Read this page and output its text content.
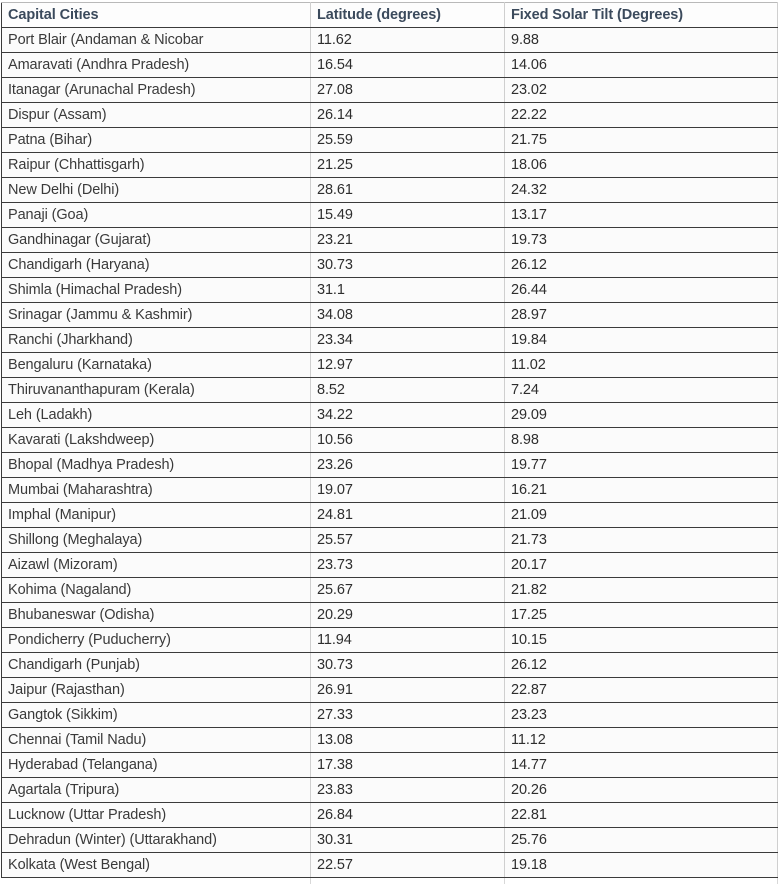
Capital Cities	Latitude (degrees)	Fixed Solar Tilt (Degrees)
Port Blair (Andaman & Nicobar	11.62	9.88
Amaravati (Andhra Pradesh)	16.54	14.06
Itanagar (Arunachal Pradesh)	27.08	23.02
Dispur (Assam)	26.14	22.22
Patna (Bihar)	25.59	21.75
Raipur (Chhattisgarh)	21.25	18.06
New Delhi (Delhi)	28.61	24.32
Panaji (Goa)	15.49	13.17
Gandhinagar (Gujarat)	23.21	19.73
Chandigarh (Haryana)	30.73	26.12
Shimla (Himachal Pradesh)	31.1	26.44
Srinagar (Jammu & Kashmir)	34.08	28.97
Ranchi (Jharkhand)	23.34	19.84
Bengaluru (Karnataka)	12.97	11.02
Thiruvananthapuram (Kerala)	8.52	7.24
Leh (Ladakh)	34.22	29.09
Kavarati (Lakshdweep)	10.56	8.98
Bhopal (Madhya Pradesh)	23.26	19.77
Mumbai (Maharashtra)	19.07	16.21
Imphal (Manipur)	24.81	21.09
Shillong (Meghalaya)	25.57	21.73
Aizawl (Mizoram)	23.73	20.17
Kohima (Nagaland)	25.67	21.82
Bhubaneswar (Odisha)	20.29	17.25
Pondicherry (Puducherry)	11.94	10.15
Chandigarh (Punjab)	30.73	26.12
Jaipur (Rajasthan)	26.91	22.87
Gangtok (Sikkim)	27.33	23.23
Chennai (Tamil Nadu)	13.08	11.12
Hyderabad (Telangana)	17.38	14.77
Agartala (Tripura)	23.83	20.26
Lucknow (Uttar Pradesh)	26.84	22.81
Dehradun (Winter) (Uttarakhand)	30.31	25.76
Kolkata (West Bengal)	22.57	19.18
